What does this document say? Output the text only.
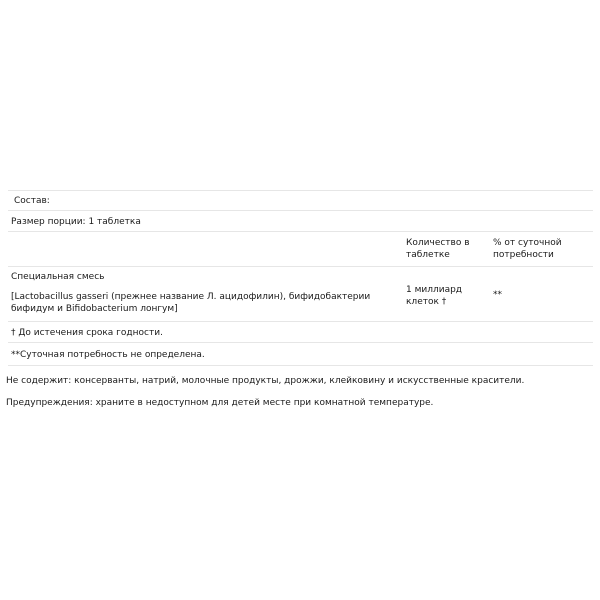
Состав:
Размер порции: 1 таблетка
Количество в таблетке
% от суточной потребности
Специальная смесь
[Lactobacillus gasseri (прежнее название Л. ацидофилин), бифидобактерии бифидум и Bifidobacterium лонгум]
1 миллиард клеток †
**
† До истечения срока годности.
**Суточная потребность не определена.
Не содержит: консерванты, натрий, молочные продукты, дрожжи, клейковину и искусственные красители.
Предупреждения: храните в недоступном для детей месте при комнатной температуре.
